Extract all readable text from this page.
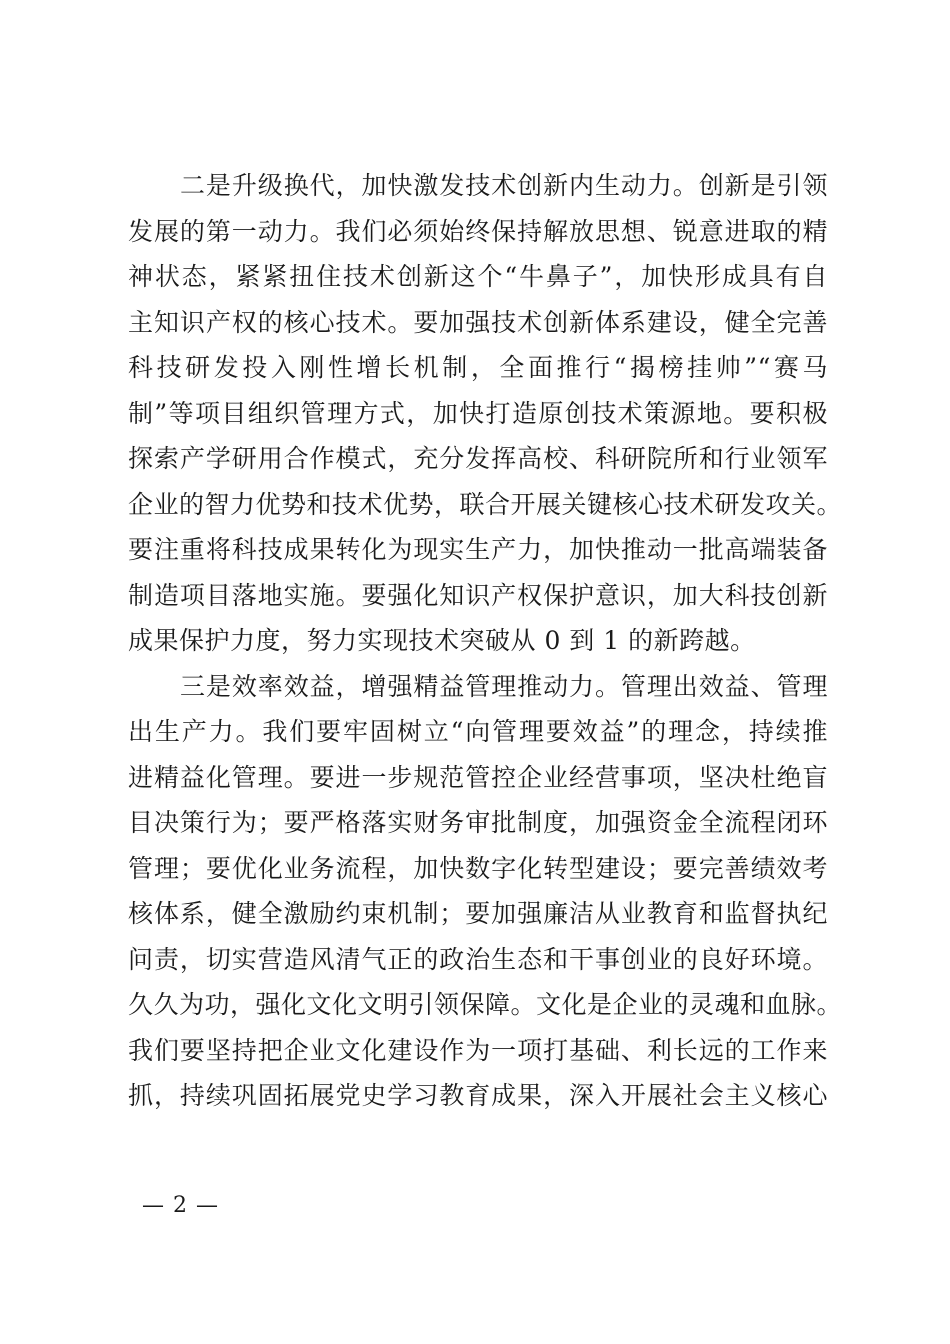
二是升级换代，加快激发技术创新内生动力。创新是引领
发展的第一动力。我们必须始终保持解放思想、锐意进取的精
神状态，紧紧扭住技术创新这个“牛鼻子”，加快形成具有自
主知识产权的核心技术。要加强技术创新体系建设，健全完善
科技研发投入刚性增长机制，全面推行“揭榜挂帅”“赛马
制”等项目组织管理方式，加快打造原创技术策源地。要积极
探索产学研用合作模式，充分发挥高校、科研院所和行业领军
企业的智力优势和技术优势，联合开展关键核心技术研发攻关。
要注重将科技成果转化为现实生产力，加快推动一批高端装备
制造项目落地实施。要强化知识产权保护意识，加大科技创新
成果保护力度，努力实现技术突破从 0 到 1 的新跨越。
三是效率效益，增强精益管理推动力。管理出效益、管理
出生产力。我们要牢固树立“向管理要效益”的理念，持续推
进精益化管理。要进一步规范管控企业经营事项，坚决杜绝盲
目决策行为；要严格落实财务审批制度，加强资金全流程闭环
管理；要优化业务流程，加快数字化转型建设；要完善绩效考
核体系，健全激励约束机制；要加强廉洁从业教育和监督执纪
问责，切实营造风清气正的政治生态和干事创业的良好环境。
久久为功，强化文化文明引领保障。文化是企业的灵魂和血脉。
我们要坚持把企业文化建设作为一项打基础、利长远的工作来
抓，持续巩固拓展党史学习教育成果，深入开展社会主义核心
— 2 —
